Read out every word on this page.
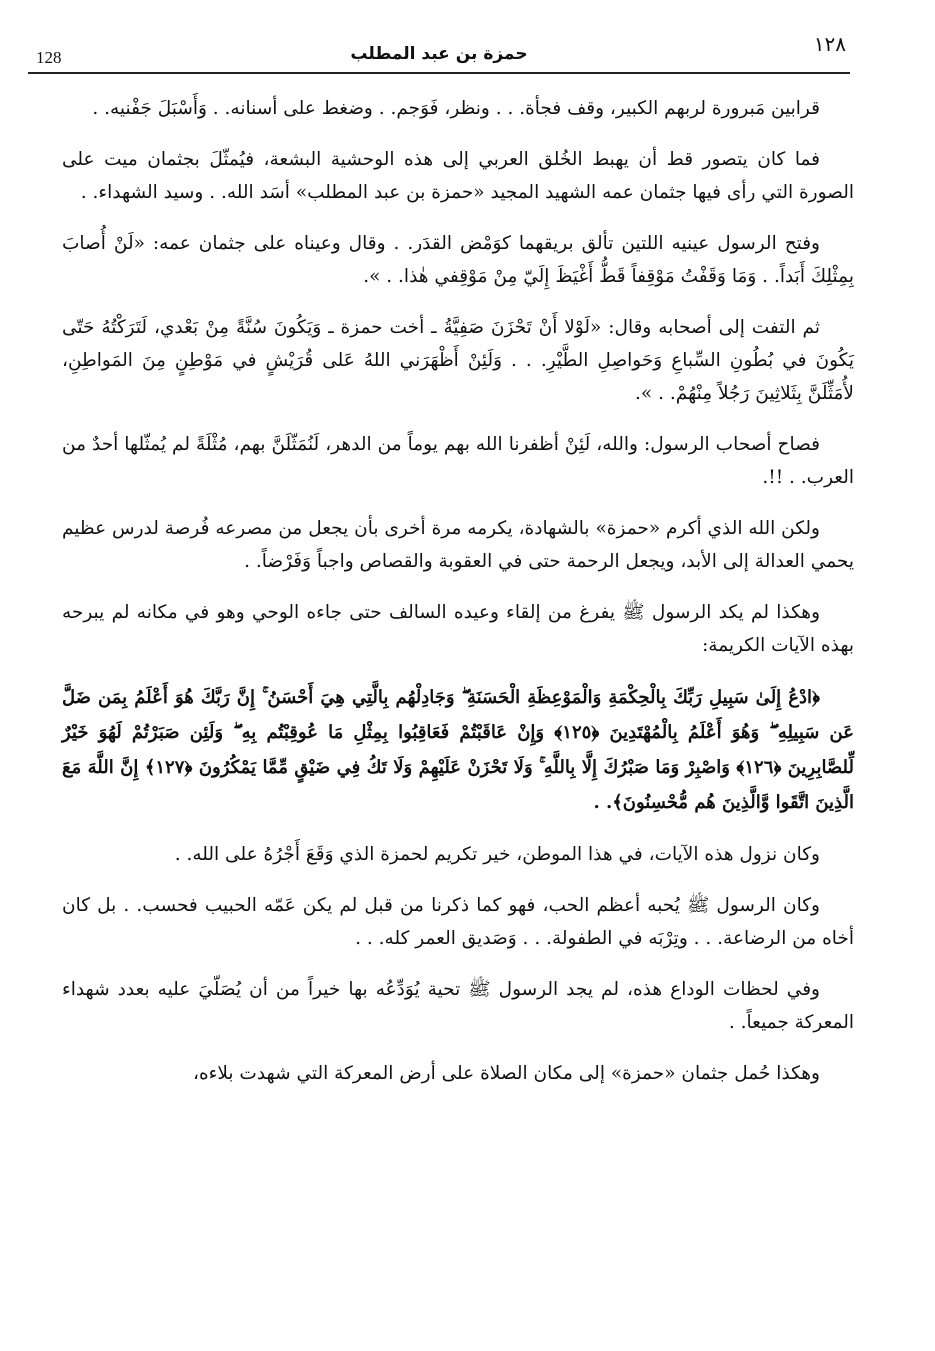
128	حمزة بن عبد المطلب	١٢٨

قرابين مَبرورة لربهم الكبير، وقف فجأة. . . ونظر، فَوَجم. . وضغط على أسنانه. . وَأَسْبَلَ جَفْنيه. .

فما كان يتصور قط أن يهبط الخُلق العربي إلى هذه الوحشية البشعة، فيُمثّلَ بجثمان ميت على الصورة التي رأى فيها جثمان عمه الشهيد المجيد «حمزة بن عبد المطلب» أسَد الله. . وسيد الشهداء. .

وفتح الرسول عينيه اللتين تألق بريقهما كوَمْض القدَر. . وقال وعيناه على جثمان عمه: «لَنْ أُصابَ بِمِثْلِكَ أَبَداً. . وَمَا وَقَفْتُ مَوْقِفاً قَطُّ أَغْيَظَ إِلَيّ مِنْ مَوْقِفي هٰذا. . ».

ثم التفت إلى أصحابه وقال: «لَوْلا أَنْ تَحْزَنَ صَفِيَّةُ ـ أخت حمزة ـ وَيَكُونَ سُنَّةً مِنْ بَعْدي، لَتَرَكْتُهُ حَتّى يَكُونَ في بُطُونِ السِّباعِ وَحَواصِلِ الطَّيْرِ. . . وَلَئِنْ أَظْهَرَني اللهُ عَلى قُرَيْشٍ في مَوْطِنٍ مِنَ المَواطِنِ، لأُمَثِّلَنَّ بِثَلاثِينَ رَجُلاً مِنْهُمْ. . ».

فصاح أصحاب الرسول: والله، لَئِنْ أظفرنا الله بهم يوماً من الدهر، لَنُمَثّلَنَّ بهم، مُثْلَةً لم يُمثّلها أحدٌ من العرب. . !!.

ولكن الله الذي أكرم «حمزة» بالشهادة، يكرمه مرة أخرى بأن يجعل من مصرعه فُرصة لدرس عظيم يحمي العدالة إلى الأبد، ويجعل الرحمة حتى في العقوبة والقصاص واجباً وَفَرْضاً. .

وهكذا لم يكد الرسول ﷺ يفرغ من إلقاء وعيده السالف حتى جاءه الوحي وهو في مكانه لم يبرحه بهذه الآيات الكريمة:

﴿ادْعُ إِلَىٰ سَبِيلِ رَبِّكَ بِالْحِكْمَةِ وَالْمَوْعِظَةِ الْحَسَنَةِ ۖ وَجَادِلْهُم بِالَّتِي هِيَ أَحْسَنُ ۚ إِنَّ رَبَّكَ هُوَ أَعْلَمُ بِمَن ضَلَّ عَن سَبِيلِهِ ۖ وَهُوَ أَعْلَمُ بِالْمُهْتَدِينَ ﴿١٢٥﴾ وَإِنْ عَاقَبْتُمْ فَعَاقِبُوا بِمِثْلِ مَا عُوقِبْتُم بِهِ ۖ وَلَئِن صَبَرْتُمْ لَهُوَ خَيْرٌ لِّلصَّابِرِينَ ﴿١٢٦﴾ وَاصْبِرْ وَمَا صَبْرُكَ إِلَّا بِاللَّهِ ۚ وَلَا تَحْزَنْ عَلَيْهِمْ وَلَا تَكُ فِي ضَيْقٍ مِّمَّا يَمْكُرُونَ ﴿١٢٧﴾ إِنَّ اللَّهَ مَعَ الَّذِينَ اتَّقَوا وَّالَّذِينَ هُم مُّحْسِنُونَ﴾. .

وكان نزول هذه الآيات، في هذا الموطن، خير تكريم لحمزة الذي وَقَعَ أَجْرُهُ على الله. .

وكان الرسول ﷺ يُحبه أعظم الحب، فهو كما ذكرنا من قبل لم يكن عَمّه الحبيب فحسب. . بل كان أخاه من الرضاعة. . . وتِرْبَه في الطفولة. . . وَصَديق العمر كله. . .

وفي لحظات الوداع هذه، لم يجد الرسول ﷺ تحية يُوَدِّعُه بها خيراً من أن يُصَلّيَ عليه بعدد شهداء المعركة جميعاً. .

وهكذا حُمل جثمان «حمزة» إلى مكان الصلاة على أرض المعركة التي شهدت بلاءه،
